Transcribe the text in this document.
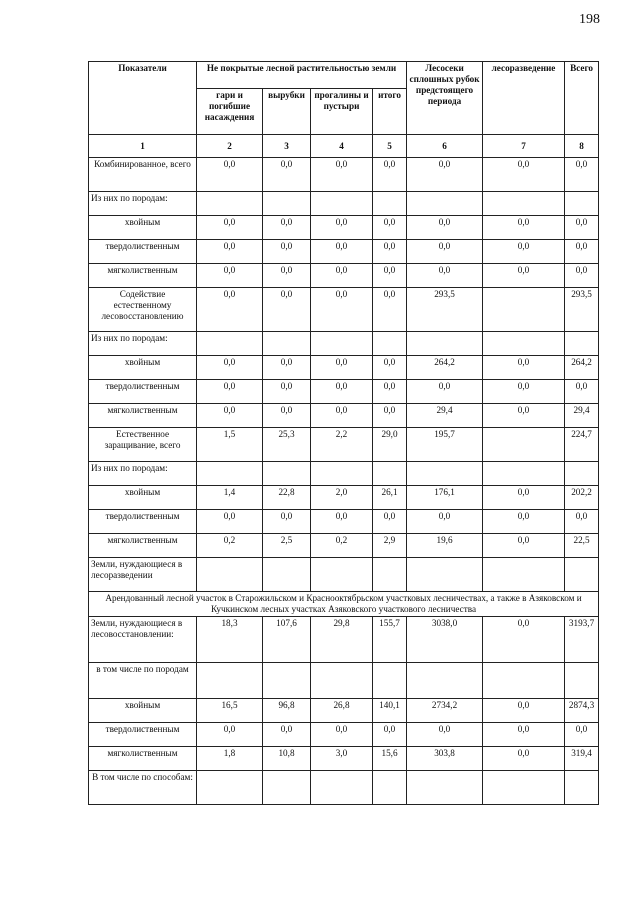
198
Показатели	Не покрытые лесной растительностью земли				Лесосеки сплошных рубок предстоящего периода	лесоразведение	Всего
	гари и погибшие насаждения	вырубки	прогалины и пустыри	итого			
1	2	3	4	5	6	7	8
Комбинированное, всего	0,0	0,0	0,0	0,0	0,0	0,0	0,0
Из них по породам:							
хвойным	0,0	0,0	0,0	0,0	0,0	0,0	0,0
твердолиственным	0,0	0,0	0,0	0,0	0,0	0,0	0,0
мягколиственным	0,0	0,0	0,0	0,0	0,0	0,0	0,0
Содействие естественному лесовосстановлению	0,0	0,0	0,0	0,0	293,5		293,5
Из них по породам:							
хвойным	0,0	0,0	0,0	0,0	264,2	0,0	264,2
твердолиственным	0,0	0,0	0,0	0,0	0,0	0,0	0,0
мягколиственным	0,0	0,0	0,0	0,0	29,4	0,0	29,4
Естественное заращивание, всего	1,5	25,3	2,2	29,0	195,7		224,7
Из них по породам:							
хвойным	1,4	22,8	2,0	26,1	176,1	0,0	202,2
твердолиственным	0,0	0,0	0,0	0,0	0,0	0,0	0,0
мягколиственным	0,2	2,5	0,2	2,9	19,6	0,0	22,5
Земли, нуждающиеся в лесоразведении							
Арендованный лесной участок в Старожильском и Краснооктябрьском участковых лесничествах, а также в Азяковском и Кучкинском лесных участках Азяковского участкового лесничества							
Земли, нуждающиеся в лесовосстановлении:	18,3	107,6	29,8	155,7	3038,0	0,0	3193,7
в том числе по породам							
хвойным	16,5	96,8	26,8	140,1	2734,2	0,0	2874,3
твердолиственным	0,0	0,0	0,0	0,0	0,0	0,0	0,0
мягколиственным	1,8	10,8	3,0	15,6	303,8	0,0	319,4
В том числе по способам:							
